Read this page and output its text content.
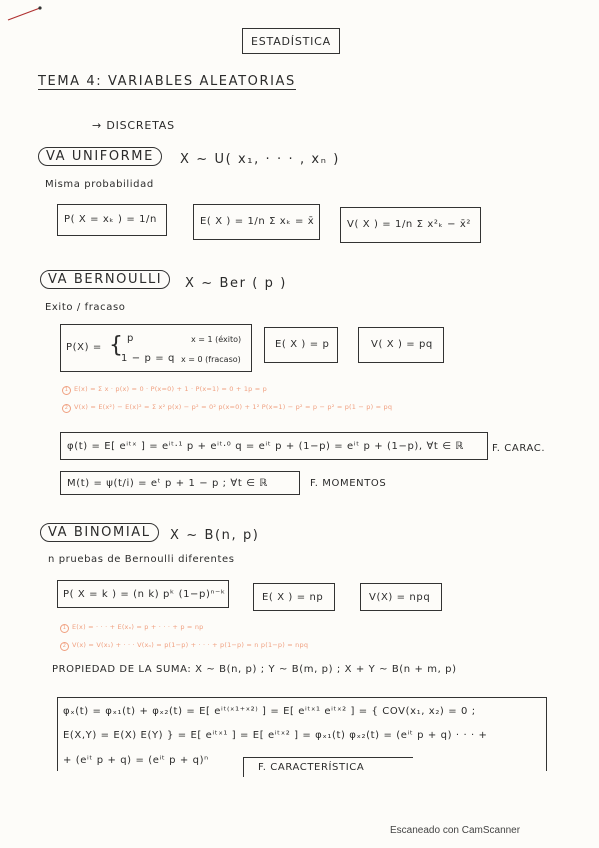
ESTADÍSTICA
TEMA 4: VARIABLES ALEATORIAS
→ DISCRETAS
VA UNIFORME	X ~ U( x₁, · · · , xₙ )
Misma probabilidad
P( X = xₖ ) = 1/n	E( X ) = 1/n Σ xₖ = x̄	V( X ) = 1/n Σ x²ₖ − x̄²
VA BERNOULLI	X ~ Ber ( p )
Exito / fracaso
P(X) = { p	x = 1 (éxito)
1 − p = q x = 0 (fracaso)
E( X ) = p	V( X ) = pq
1 E(x) = Σ x · p(x) = 0 · P(x=0) + 1 · P(x=1) = 0 + 1p = p
2 V(x) = E(x²) − E(x)² = Σ x² p(x) − p² = 0² p(x=0) + 1² P(x=1) − p² = p − p² = p(1 − p) = pq
φ(t) = E[ eⁱᵗˣ ] = eⁱᵗ·¹ p + eⁱᵗ·⁰ q = eⁱᵗ p + (1−p) = eⁱᵗ p + (1−p), ∀t ∈ ℝ	F. CARAC.
M(t) = ψ(t/i) = eᵗ p + 1 − p ; ∀t ∈ ℝ	F. MOMENTOS
VA BINOMIAL	X ~ B(n, p)
n pruebas de Bernoulli diferentes
P( X = k ) = (n k) pᵏ (1−p)ⁿ⁻ᵏ	E( X ) = np	V(X) = npq
1 E(x) = · · · + E(xₙ) = p + · · · + p = np
2 V(x) = V(x₁) + · · · V(xₙ) = p(1−p) + · · · + p(1−p) = n p(1−p) = npq
PROPIEDAD DE LA SUMA: X ~ B(n, p) ; Y ~ B(m, p) ; X + Y ~ B(n + m, p)
φₓ(t) = φₓ₁(t) + φₓ₂(t) = E[ eⁱᵗ⁽ˣ¹⁺ˣ²⁾ ] = E[ eⁱᵗˣ¹ eⁱᵗˣ² ] = { COV(x₁, x₂) = 0 ;
E(X,Y) = E(X) E(Y) } = E[ eⁱᵗˣ¹ ] = E[ eⁱᵗˣ² ] = φₓ₁(t) φₓ₂(t) = (eⁱᵗ p + q) · · · +
+ (eⁱᵗ p + q) = (eⁱᵗ p + q)ⁿ
F. CARACTERÍSTICA
Escaneado con CamScanner
